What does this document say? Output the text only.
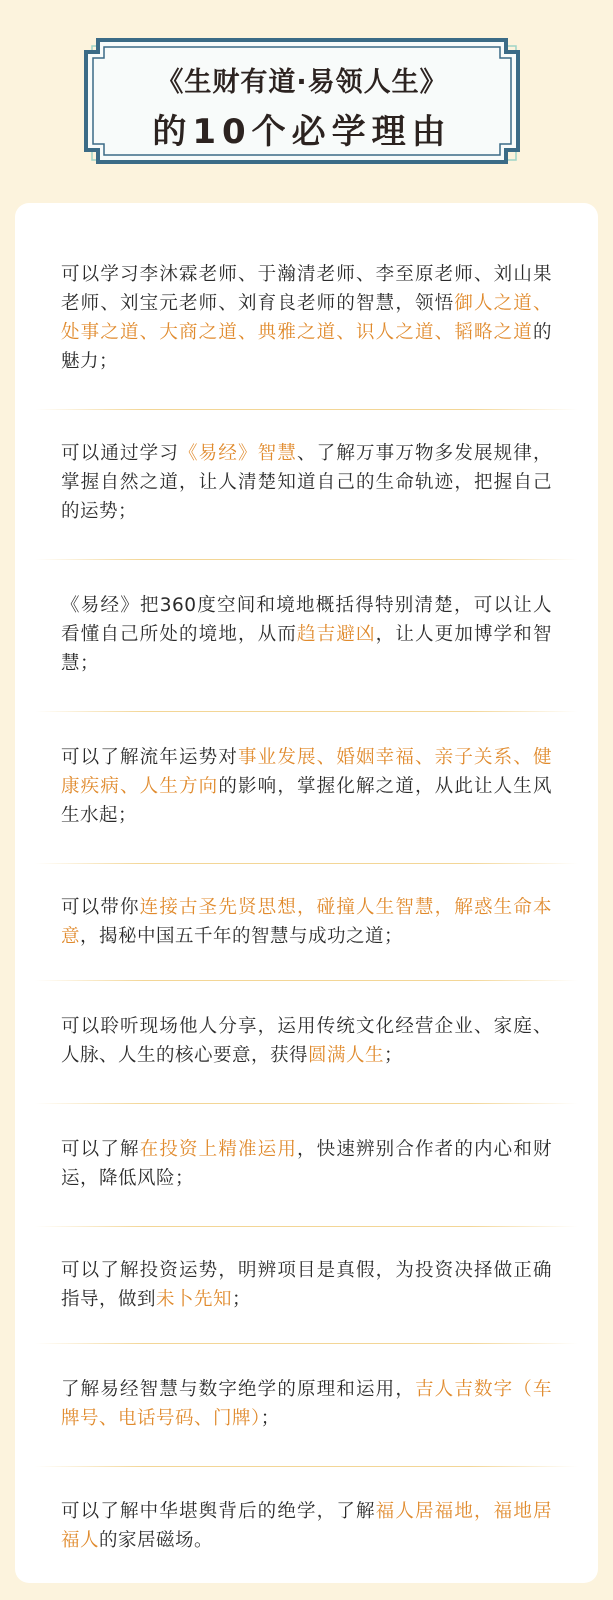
《生财有道·易领人生》
的10个必学理由

可以学习李沐霖老师、于瀚清老师、李至原老师、刘山果老师、刘宝元老师、刘育良老师的智慧，领悟御人之道、处事之道、大商之道、典雅之道、识人之道、韬略之道的魅力；

可以通过学习《易经》智慧、了解万事万物多发展规律，掌握自然之道，让人清楚知道自己的生命轨迹，把握自己的运势；

《易经》把360度空间和境地概括得特别清楚，可以让人看懂自己所处的境地，从而趋吉避凶，让人更加博学和智慧；

可以了解流年运势对事业发展、婚姻幸福、亲子关系、健康疾病、人生方向的影响，掌握化解之道，从此让人生风生水起；

可以带你连接古圣先贤思想，碰撞人生智慧，解惑生命本意，揭秘中国五千年的智慧与成功之道；

可以聆听现场他人分享，运用传统文化经营企业、家庭、人脉、人生的核心要意，获得圆满人生；

可以了解在投资上精准运用，快速辨别合作者的内心和财运，降低风险；

可以了解投资运势，明辨项目是真假，为投资决择做正确指导，做到未卜先知；

了解易经智慧与数字绝学的原理和运用，吉人吉数字（车牌号、电话号码、门牌）；

可以了解中华堪舆背后的绝学，了解福人居福地，福地居福人的家居磁场。
